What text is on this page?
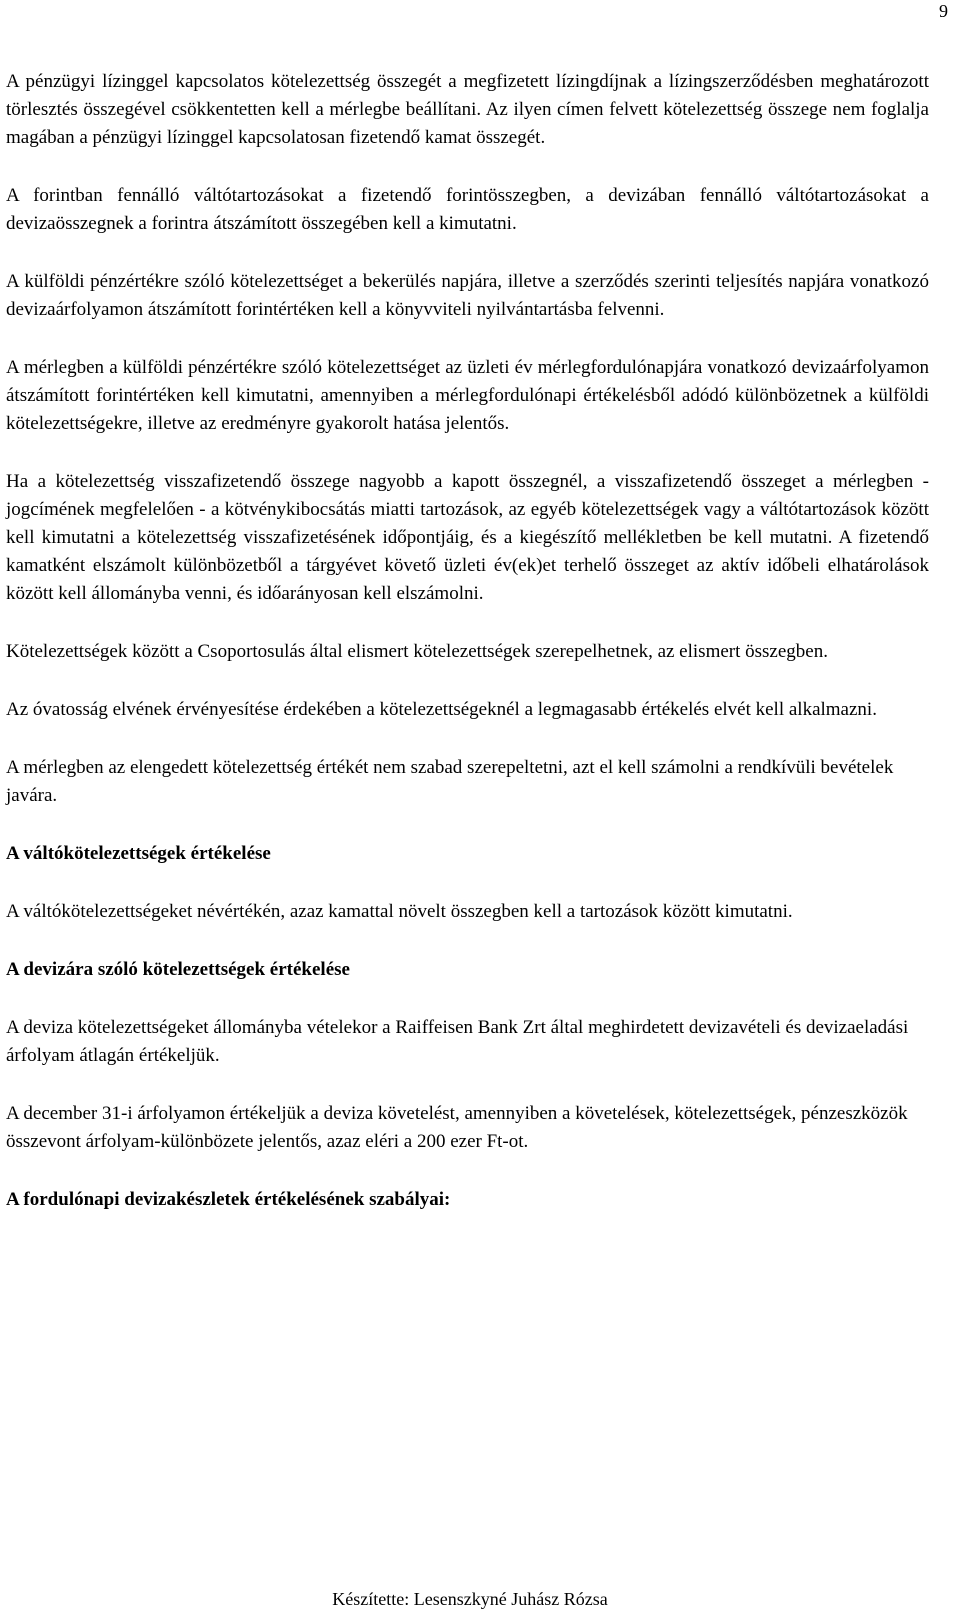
9

A pénzügyi lízinggel kapcsolatos kötelezettség összegét a megfizetett lízingdíjnak a lízingszerződésben meghatározott törlesztés összegével csökkentetten kell a mérlegbe beállítani. Az ilyen címen felvett kötelezettség összege nem foglalja magában a pénzügyi lízinggel kapcsolatosan fizetendő kamat összegét.

A forintban fennálló váltótartozásokat a fizetendő forintösszegben, a devizában fennálló váltótartozásokat a devizaösszegnek a forintra átszámított összegében kell a kimutatni.

A külföldi pénzértékre szóló kötelezettséget a bekerülés napjára, illetve a szerződés szerinti teljesítés napjára vonatkozó devizaárfolyamon átszámított forintértéken kell a könyvviteli nyilvántartásba felvenni.

A mérlegben a külföldi pénzértékre szóló kötelezettséget az üzleti év mérlegfordulónapjára vonatkozó devizaárfolyamon átszámított forintértéken kell kimutatni, amennyiben a mérlegfordulónapi értékelésből adódó különbözetnek a külföldi kötelezettségekre, illetve az eredményre gyakorolt hatása jelentős.

Ha a kötelezettség visszafizetendő összege nagyobb a kapott összegnél, a visszafizetendő összeget a mérlegben - jogcímének megfelelően - a kötvénykibocsátás miatti tartozások, az egyéb kötelezettségek vagy a váltótartozások között kell kimutatni a kötelezettség visszafizetésének időpontjáig, és a kiegészítő mellékletben be kell mutatni. A fizetendő kamatként elszámolt különbözetből a tárgyévet követő üzleti év(ek)et terhelő összeget az aktív időbeli elhatárolások között kell állományba venni, és időarányosan kell elszámolni.

Kötelezettségek között a Csoportosulás által elismert kötelezettségek szerepelhetnek, az elismert összegben.

Az óvatosság elvének érvényesítése érdekében a kötelezettségeknél a legmagasabb értékelés elvét kell alkalmazni.

A mérlegben az elengedett kötelezettség értékét nem szabad szerepeltetni, azt el kell számolni a rendkívüli bevételek javára.

A váltókötelezettségek értékelése

A váltókötelezettségeket névértékén, azaz kamattal növelt összegben kell a tartozások között kimutatni.

A devizára szóló kötelezettségek értékelése

A deviza kötelezettségeket állományba vételekor a Raiffeisen Bank Zrt által meghirdetett devizavételi és devizaeladási árfolyam átlagán értékeljük.

A december 31-i árfolyamon értékeljük a deviza követelést, amennyiben a követelések, kötelezettségek, pénzeszközök összevont árfolyam-különbözete jelentős, azaz eléri a 200 ezer Ft-ot.

A fordulónapi devizakészletek értékelésének szabályai:

Készítette: Lesenszkyné Juhász Rózsa
